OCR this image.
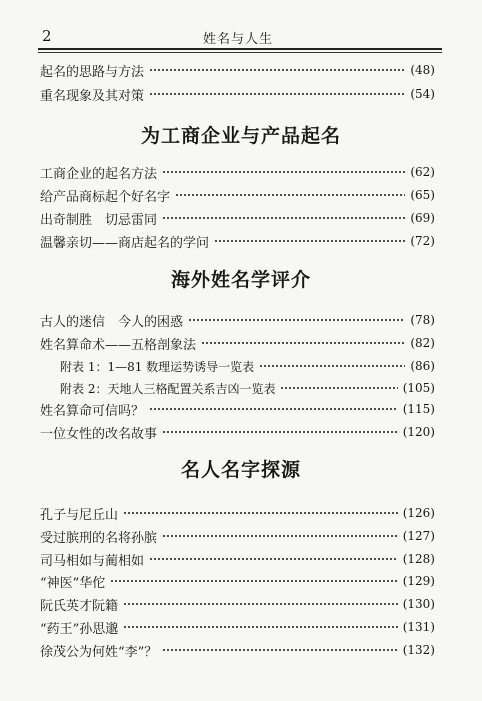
2	姓名与人生
起名的思路与方法	(48)
重名现象及其对策	(54)
为工商企业与产品起名
工商企业的起名方法	(62)
给产品商标起个好名字	(65)
出奇制胜　切忌雷同	(69)
温馨亲切——商店起名的学问	(72)
海外姓名学评介
古人的迷信　今人的困惑	(78)
姓名算命术——五格剖象法	(82)
附表 1：1—81 数理运势诱导一览表	(86)
附表 2：天地人三格配置关系吉凶一览表	(105)
姓名算命可信吗？	(115)
一位女性的改名故事	(120)
名人名字探源
孔子与尼丘山	(126)
受过膑刑的名将孙膑	(127)
司马相如与蔺相如	(128)
“神医”华佗	(129)
阮氏英才阮籍	(130)
“药王”孙思邈	(131)
徐茂公为何姓“李”？	(132)
